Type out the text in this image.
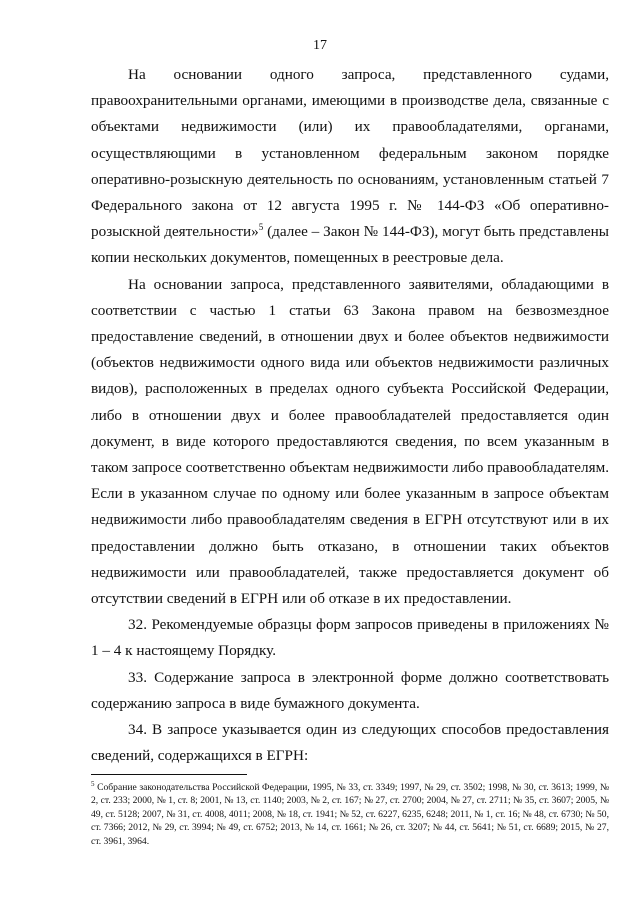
17

На основании одного запроса, представленного судами, правоохранительными органами, имеющими в производстве дела, связанные с объектами недвижимости (или) их правообладателями, органами, осуществляющими в установленном федеральным законом порядке оперативно-розыскную деятельность по основаниям, установленным статьей 7 Федерального закона от 12 августа 1995 г. № 144-ФЗ «Об оперативно-розыскной деятельности»$^5$ (далее – Закон № 144-ФЗ), могут быть представлены копии нескольких документов, помещенных в реестровые дела.

На основании запроса, представленного заявителями, обладающими в соответствии с частью 1 статьи 63 Закона правом на безвозмездное предоставление сведений, в отношении двух и более объектов недвижимости (объектов недвижимости одного вида или объектов недвижимости различных видов), расположенных в пределах одного субъекта Российской Федерации, либо в отношении двух и более правообладателей предоставляется один документ, в виде которого предоставляются сведения, по всем указанным в таком запросе соответственно объектам недвижимости либо правообладателям. Если в указанном случае по одному или более указанным в запросе объектам недвижимости либо правообладателям сведения в ЕГРН отсутствуют или в их предоставлении должно быть отказано, в отношении таких объектов недвижимости или правообладателей, также предоставляется документ об отсутствии сведений в ЕГРН или об отказе в их предоставлении.

32. Рекомендуемые образцы форм запросов приведены в приложениях № 1 – 4 к настоящему Порядку.

33. Содержание запроса в электронной форме должно соответствовать содержанию запроса в виде бумажного документа.

34. В запросе указывается один из следующих способов предоставления сведений, содержащихся в ЕГРН:

$^5$ Собрание законодательства Российской Федерации, 1995, № 33, ст. 3349; 1997, № 29, ст. 3502; 1998, № 30, ст. 3613; 1999, № 2, ст. 233; 2000, № 1, ст. 8; 2001, № 13, ст. 1140; 2003, № 2, ст. 167; № 27, ст. 2700; 2004, № 27, ст. 2711; № 35, ст. 3607; 2005, № 49, ст. 5128; 2007, № 31, ст. 4008, 4011; 2008, № 18, ст. 1941; № 52, ст. 6227, 6235, 6248; 2011, № 1, ст. 16; № 48, ст. 6730; № 50, ст. 7366; 2012, № 29, ст. 3994; № 49, ст. 6752; 2013, № 14, ст. 1661; № 26, ст. 3207; № 44, ст. 5641; № 51, ст. 6689; 2015, № 27, ст. 3961, 3964.
